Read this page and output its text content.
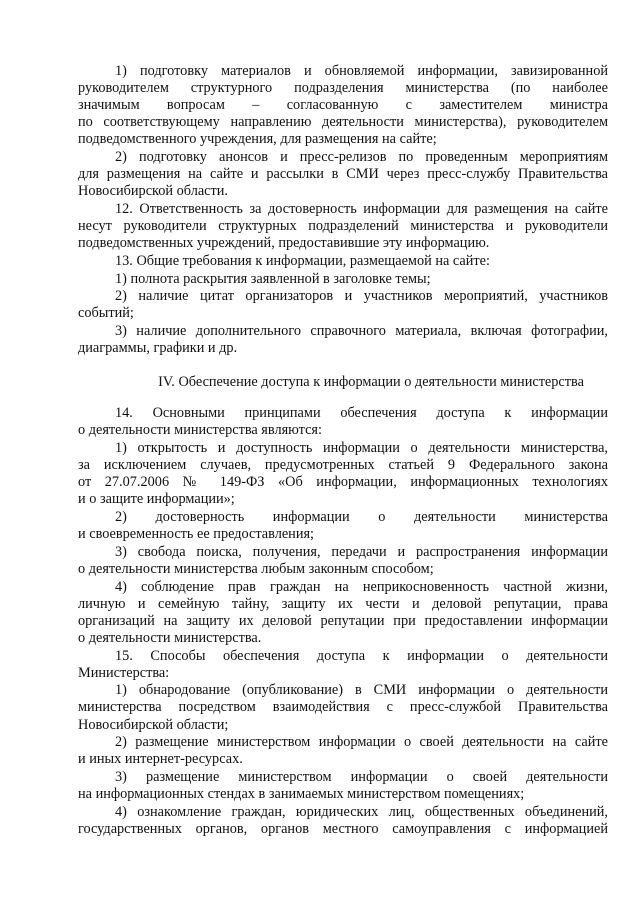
1) подготовку материалов и обновляемой информации, завизированной
руководителем структурного подразделения министерства (по наиболее
значимым вопросам – согласованную с заместителем министра
по соответствующему направлению деятельности министерства), руководителем
подведомственного учреждения, для размещения на сайте;
2) подготовку анонсов и пресс-релизов по проведенным мероприятиям
для размещения на сайте и рассылки в СМИ через пресс-службу Правительства
Новосибирской области.
12. Ответственность за достоверность информации для размещения на сайте
несут руководители структурных подразделений министерства и руководители
подведомственных учреждений, предоставившие эту информацию.
13. Общие требования к информации, размещаемой на сайте:
1) полнота раскрытия заявленной в заголовке темы;
2) наличие цитат организаторов и участников мероприятий, участников
событий;
3) наличие дополнительного справочного материала, включая фотографии,
диаграммы, графики и др.
IV. Обеспечение доступа к информации о деятельности министерства
14. Основными принципами обеспечения доступа к информации
о деятельности министерства являются:
1) открытость и доступность информации о деятельности министерства,
за исключением случаев, предусмотренных статьей 9 Федерального закона
от 27.07.2006 № 149-ФЗ «Об информации, информационных технологиях
и о защите информации»;
2) достоверность информации о деятельности министерства
и своевременность ее предоставления;
3) свобода поиска, получения, передачи и распространения информации
о деятельности министерства любым законным способом;
4) соблюдение прав граждан на неприкосновенность частной жизни,
личную и семейную тайну, защиту их чести и деловой репутации, права
организаций на защиту их деловой репутации при предоставлении информации
о деятельности министерства.
15. Способы обеспечения доступа к информации о деятельности
Министерства:
1) обнародование (опубликование) в СМИ информации о деятельности
министерства посредством взаимодействия с пресс-службой Правительства
Новосибирской области;
2) размещение министерством информации о своей деятельности на сайте
и иных интернет-ресурсах.
3) размещение министерством информации о своей деятельности
на информационных стендах в занимаемых министерством помещениях;
4) ознакомление граждан, юридических лиц, общественных объединений,
государственных органов, органов местного самоуправления с информацией
